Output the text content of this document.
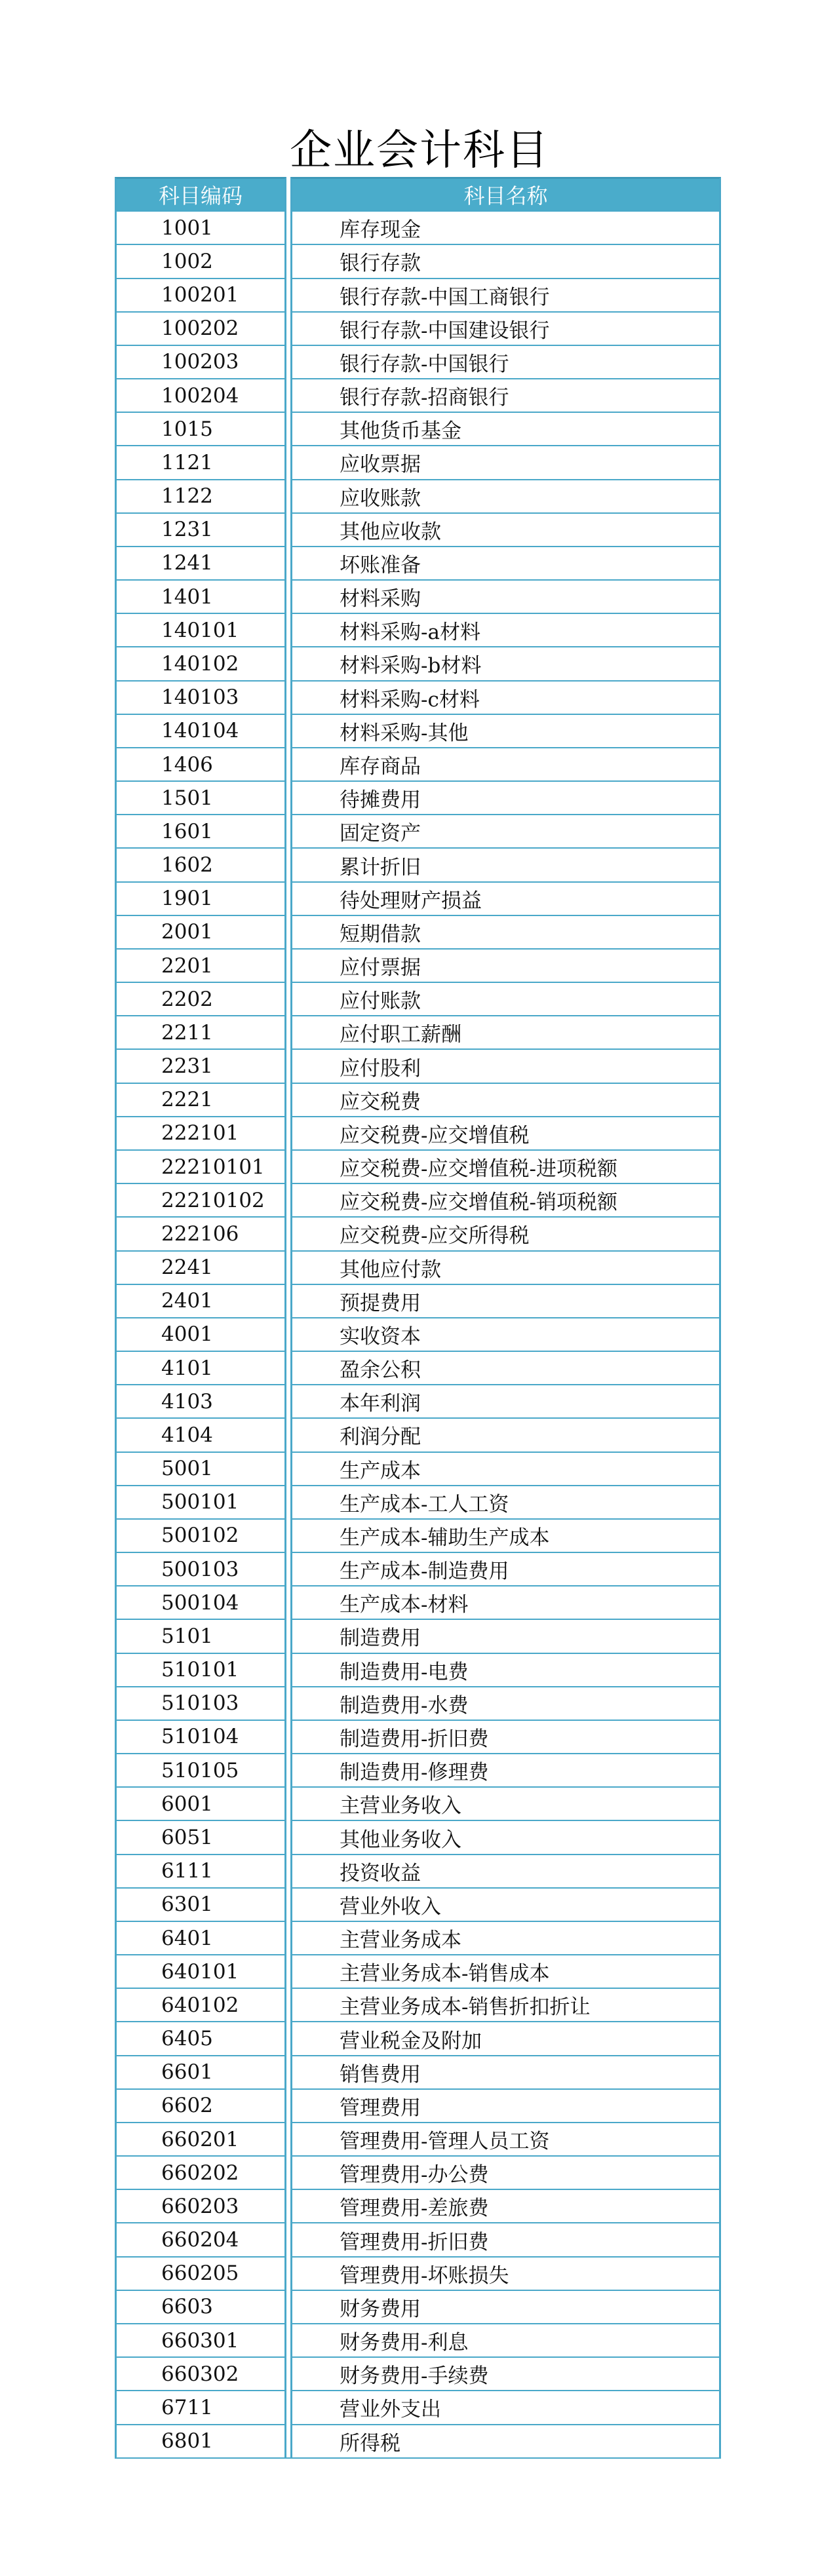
企业会计科目
科目编码	科目名称
1001	库存现金
1002	银行存款
100201	银行存款-中国工商银行
100202	银行存款-中国建设银行
100203	银行存款-中国银行
100204	银行存款-招商银行
1015	其他货币基金
1121	应收票据
1122	应收账款
1231	其他应收款
1241	坏账准备
1401	材料采购
140101	材料采购-a材料
140102	材料采购-b材料
140103	材料采购-c材料
140104	材料采购-其他
1406	库存商品
1501	待摊费用
1601	固定资产
1602	累计折旧
1901	待处理财产损益
2001	短期借款
2201	应付票据
2202	应付账款
2211	应付职工薪酬
2231	应付股利
2221	应交税费
222101	应交税费-应交增值税
22210101	应交税费-应交增值税-进项税额
22210102	应交税费-应交增值税-销项税额
222106	应交税费-应交所得税
2241	其他应付款
2401	预提费用
4001	实收资本
4101	盈余公积
4103	本年利润
4104	利润分配
5001	生产成本
500101	生产成本-工人工资
500102	生产成本-辅助生产成本
500103	生产成本-制造费用
500104	生产成本-材料
5101	制造费用
510101	制造费用-电费
510103	制造费用-水费
510104	制造费用-折旧费
510105	制造费用-修理费
6001	主营业务收入
6051	其他业务收入
6111	投资收益
6301	营业外收入
6401	主营业务成本
640101	主营业务成本-销售成本
640102	主营业务成本-销售折扣折让
6405	营业税金及附加
6601	销售费用
6602	管理费用
660201	管理费用-管理人员工资
660202	管理费用-办公费
660203	管理费用-差旅费
660204	管理费用-折旧费
660205	管理费用-坏账损失
6603	财务费用
660301	财务费用-利息
660302	财务费用-手续费
6711	营业外支出
6801	所得税
